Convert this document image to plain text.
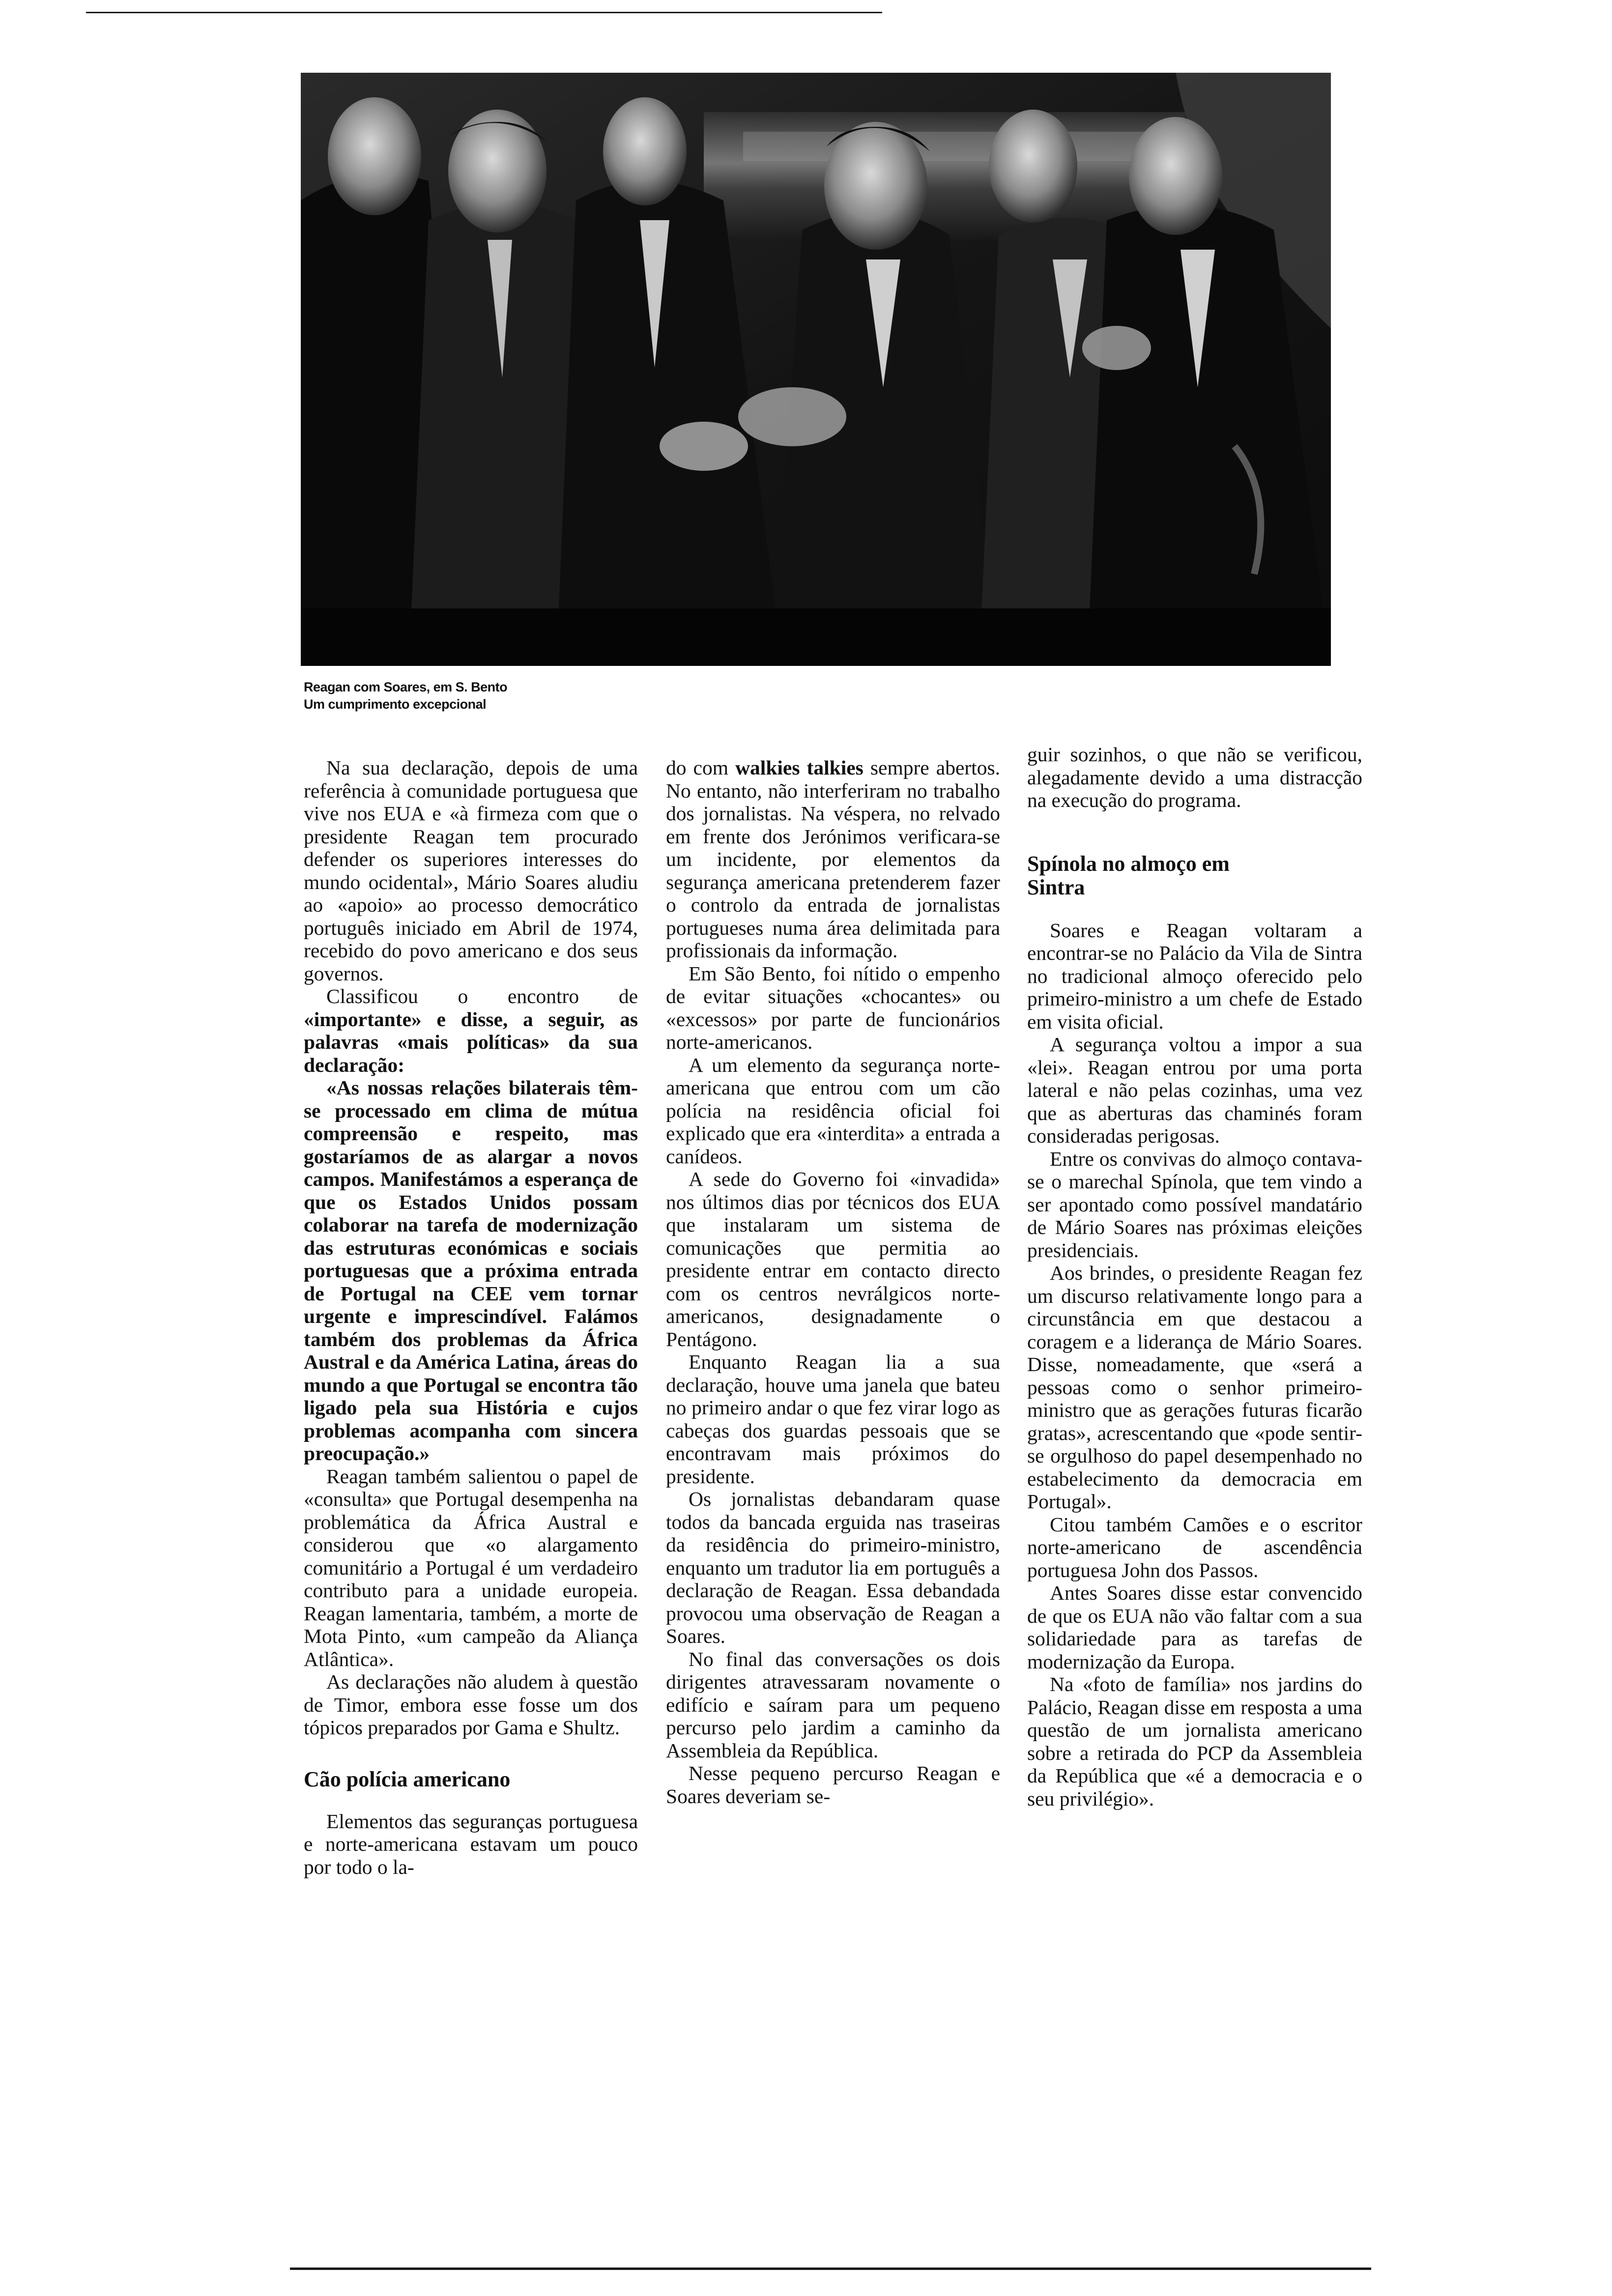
Reagan com Soares, em S. Bento
Um cumprimento excepcional

Na sua declaração, depois de uma referência à comunidade portuguesa que vive nos EUA e «à firmeza com que o presidente Reagan tem procurado defender os superiores interesses do mundo ocidental», Mário Soares aludiu ao «apoio» ao processo democrático português iniciado em Abril de 1974, recebido do povo americano e dos seus governos.

Classificou o encontro de «importante» e disse, a seguir, as palavras «mais políticas» da sua declaração:

«As nossas relações bilaterais têm-se processado em clima de mútua compreensão e respeito, mas gostaríamos de as alargar a novos campos. Manifestámos a esperança de que os Estados Unidos possam colaborar na tarefa de modernização das estruturas económicas e sociais portuguesas que a próxima entrada de Portugal na CEE vem tornar urgente e imprescindível. Falámos também dos problemas da África Austral e da América Latina, áreas do mundo a que Portugal se encontra tão ligado pela sua História e cujos problemas acompanha com sincera preocupação.»

Reagan também salientou o papel de «consulta» que Portugal desempenha na problemática da África Austral e considerou que «o alargamento comunitário a Portugal é um verdadeiro contributo para a unidade europeia. Reagan lamentaria, também, a morte de Mota Pinto, «um campeão da Aliança Atlântica».

As declarações não aludem à questão de Timor, embora esse fosse um dos tópicos preparados por Gama e Shultz.

Cão polícia americano

Elementos das seguranças portuguesa e norte-americana estavam um pouco por todo o la-

do com walkies talkies sempre abertos. No entanto, não interferiram no trabalho dos jornalistas. Na véspera, no relvado em frente dos Jerónimos verificara-se um incidente, por elementos da segurança americana pretenderem fazer o controlo da entrada de jornalistas portugueses numa área delimitada para profissionais da informação.

Em São Bento, foi nítido o empenho de evitar situações «chocantes» ou «excessos» por parte de funcionários norte-americanos.

A um elemento da segurança norte-americana que entrou com um cão polícia na residência oficial foi explicado que era «interdita» a entrada a canídeos.

A sede do Governo foi «invadida» nos últimos dias por técnicos dos EUA que instalaram um sistema de comunicações que permitia ao presidente entrar em contacto directo com os centros nevrálgicos norte-americanos, designadamente o Pentágono.

Enquanto Reagan lia a sua declaração, houve uma janela que bateu no primeiro andar o que fez virar logo as cabeças dos guardas pessoais que se encontravam mais próximos do presidente.

Os jornalistas debandaram quase todos da bancada erguida nas traseiras da residência do primeiro-ministro, enquanto um tradutor lia em português a declaração de Reagan. Essa debandada provocou uma observação de Reagan a Soares.

No final das conversações os dois dirigentes atravessaram novamente o edifício e saíram para um pequeno percurso pelo jardim a caminho da Assembleia da República.

Nesse pequeno percurso Reagan e Soares deveriam se-

guir sozinhos, o que não se verificou, alegadamente devido a uma distracção na execução do programa.

Spínola no almoço em Sintra

Soares e Reagan voltaram a encontrar-se no Palácio da Vila de Sintra no tradicional almoço oferecido pelo primeiro-ministro a um chefe de Estado em visita oficial.

A segurança voltou a impor a sua «lei». Reagan entrou por uma porta lateral e não pelas cozinhas, uma vez que as aberturas das chaminés foram consideradas perigosas.

Entre os convivas do almoço contava-se o marechal Spínola, que tem vindo a ser apontado como possível mandatário de Mário Soares nas próximas eleições presidenciais.

Aos brindes, o presidente Reagan fez um discurso relativamente longo para a circunstância em que destacou a coragem e a liderança de Mário Soares. Disse, nomeadamente, que «será a pessoas como o senhor primeiro-ministro que as gerações futuras ficarão gratas», acrescentando que «pode sentir-se orgulhoso do papel desempenhado no estabelecimento da democracia em Portugal».

Citou também Camões e o escritor norte-americano de ascendência portuguesa John dos Passos.

Antes Soares disse estar convencido de que os EUA não vão faltar com a sua solidariedade para as tarefas de modernização da Europa.

Na «foto de família» nos jardins do Palácio, Reagan disse em resposta a uma questão de um jornalista americano sobre a retirada do PCP da Assembleia da República que «é a democracia e o seu privilégio».
